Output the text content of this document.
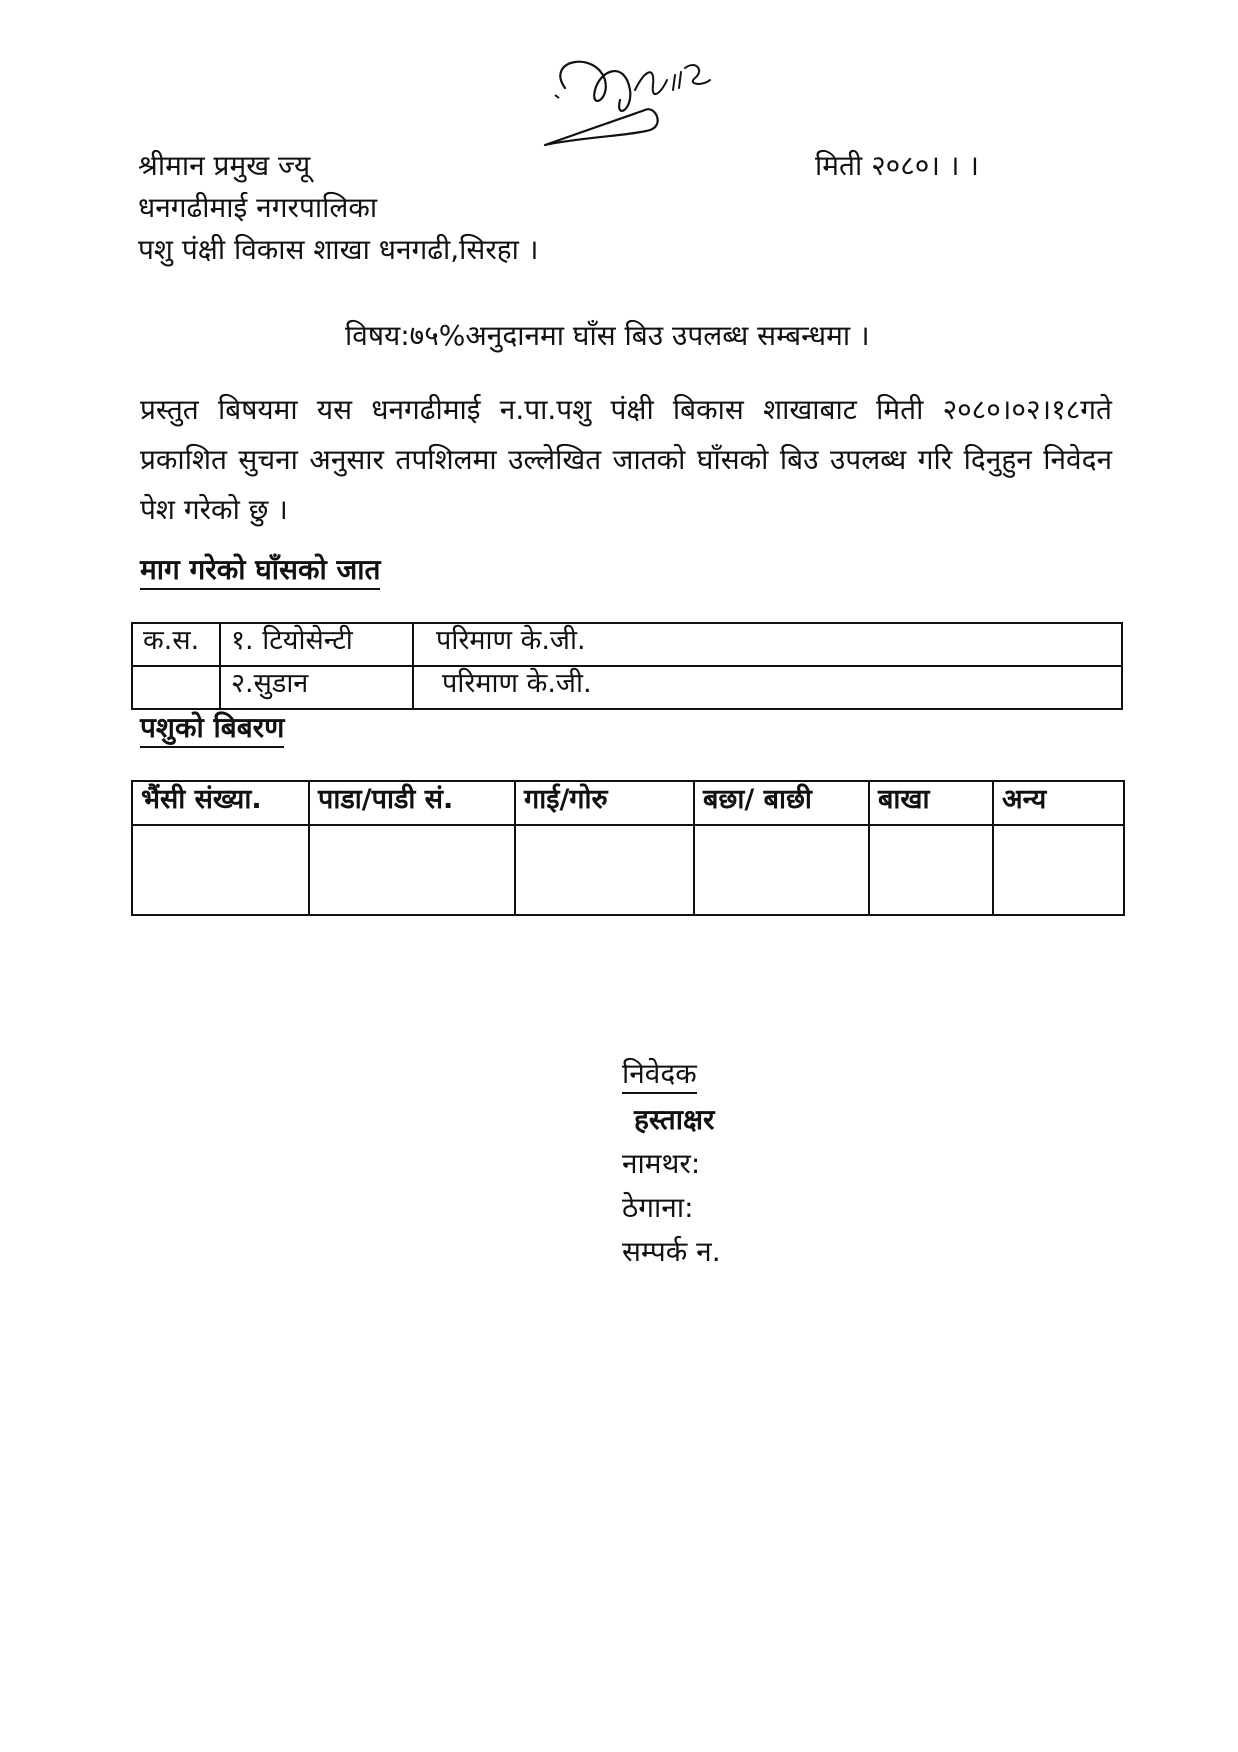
श्रीमान प्रमुख ज्यू
धनगढीमाई नगरपालिका
पशु पंक्षी विकास शाखा धनगढी,सिरहा ।
मिती २०८०। । ।
विषय:७५%अनुदानमा घाँस बिउ उपलब्ध सम्बन्धमा ।
प्रस्तुत बिषयमा यस धनगढीमाई न.पा.पशु पंक्षी बिकास शाखाबाट मिती २०८०।०२।१८गते प्रकाशित सुचना अनुसार तपशिलमा उल्लेखित जातको घाँसको बिउ उपलब्ध गरि दिनुहुन निवेदन पेश गरेको छु ।
माग गरेको घाँसको जात
क.स.	१. टियोसेन्टी	परिमाण के.जी.
	२.सुडान	परिमाण के.जी.
पशुको बिबरण
भैंसी संख्या.	पाडा/पाडी सं.	गाई/गोरु	बछा/ बाछी	बाखा	अन्य

निवेदक
हस्ताक्षर
नामथर:
ठेगाना:
सम्पर्क न.
